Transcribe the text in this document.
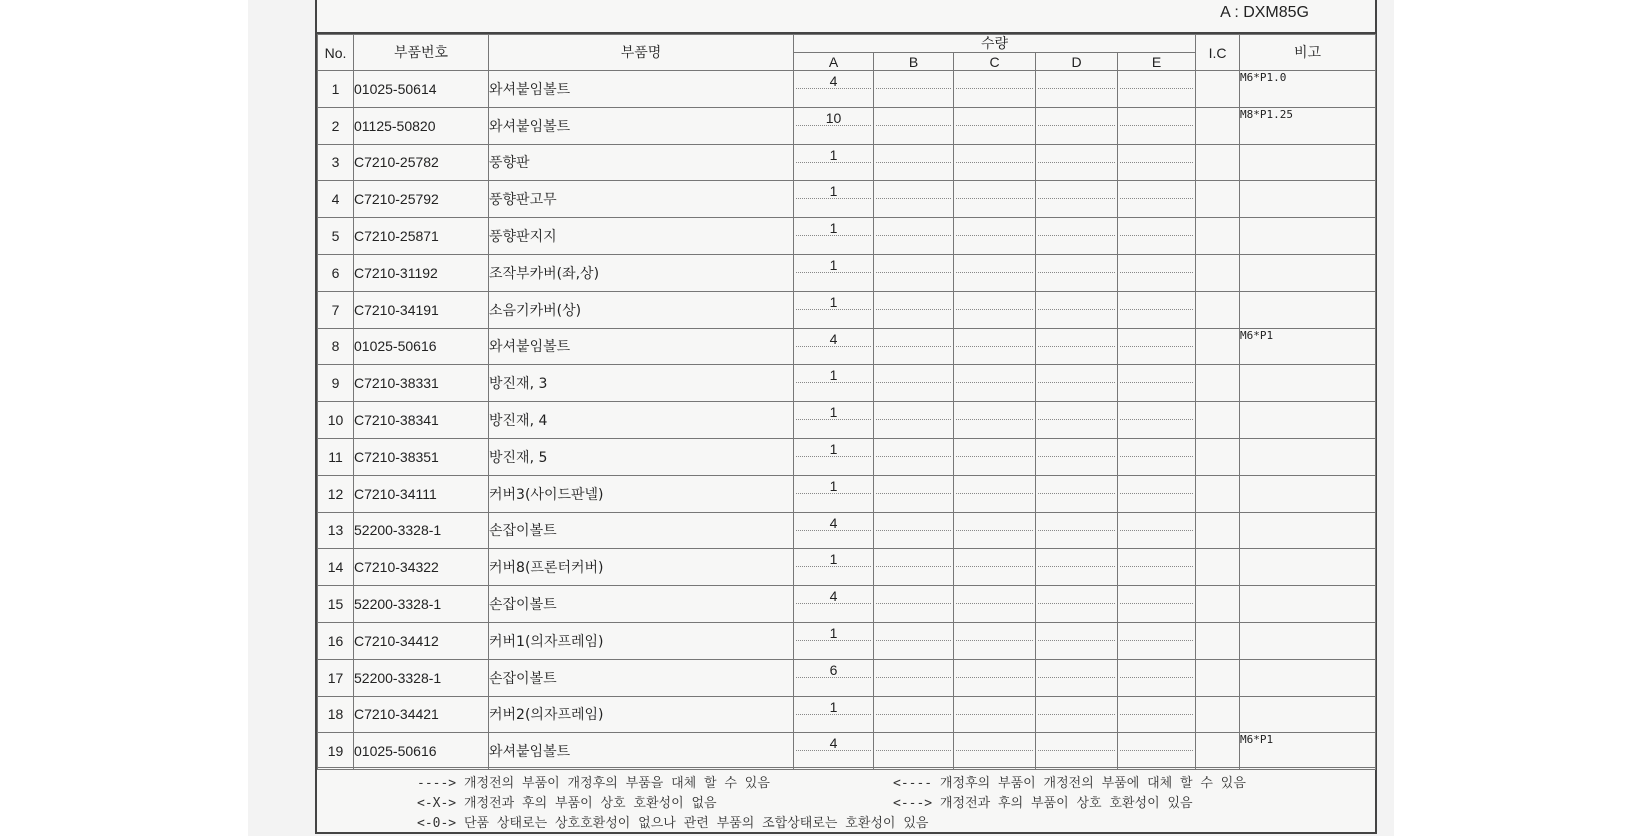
A : DXM85G
No.	부품번호	부품명	수량					I.C	비고
			A	B	C	D	E		
1	01025-50614	와셔붙임볼트	4						M6*P1.0
2	01125-50820	와셔붙임볼트	10						M8*P1.25
3	C7210-25782	풍향판	1						

4	C7210-25792	풍향판고무	1						

5	C7210-25871	풍향판지지	1						

6	C7210-31192	조작부카버(좌,상)	1						

7	C7210-34191	소음기카버(상)	1						

8	01025-50616	와셔붙임볼트	4						M6*P1
9	C7210-38331	방진재, 3	1						

10	C7210-38341	방진재, 4	1						

11	C7210-38351	방진재, 5	1						

12	C7210-34111	커버3(사이드판넬)	1						

13	52200-3328-1	손잡이볼트	4						

14	C7210-34322	커버8(프론터커버)	1						

15	52200-3328-1	손잡이볼트	4						

16	C7210-34412	커버1(의자프레임)	1						

17	52200-3328-1	손잡이볼트	6						

18	C7210-34421	커버2(의자프레임)	1						

19	01025-50616	와셔붙임볼트	4						M6*P1
----> 개정전의 부품이 개정후의 부품을 대체 할 수 있음	<---- 개정후의 부품이 개정전의 부품에 대체 할 수 있음
<-X-> 개정전과 후의 부품이 상호 호환성이 없음	<---> 개정전과 후의 부품이 상호 호환성이 있음
<-0-> 단품 상태로는 상호호환성이 없으나 관련 부품의 조합상태로는 호환성이 있음
